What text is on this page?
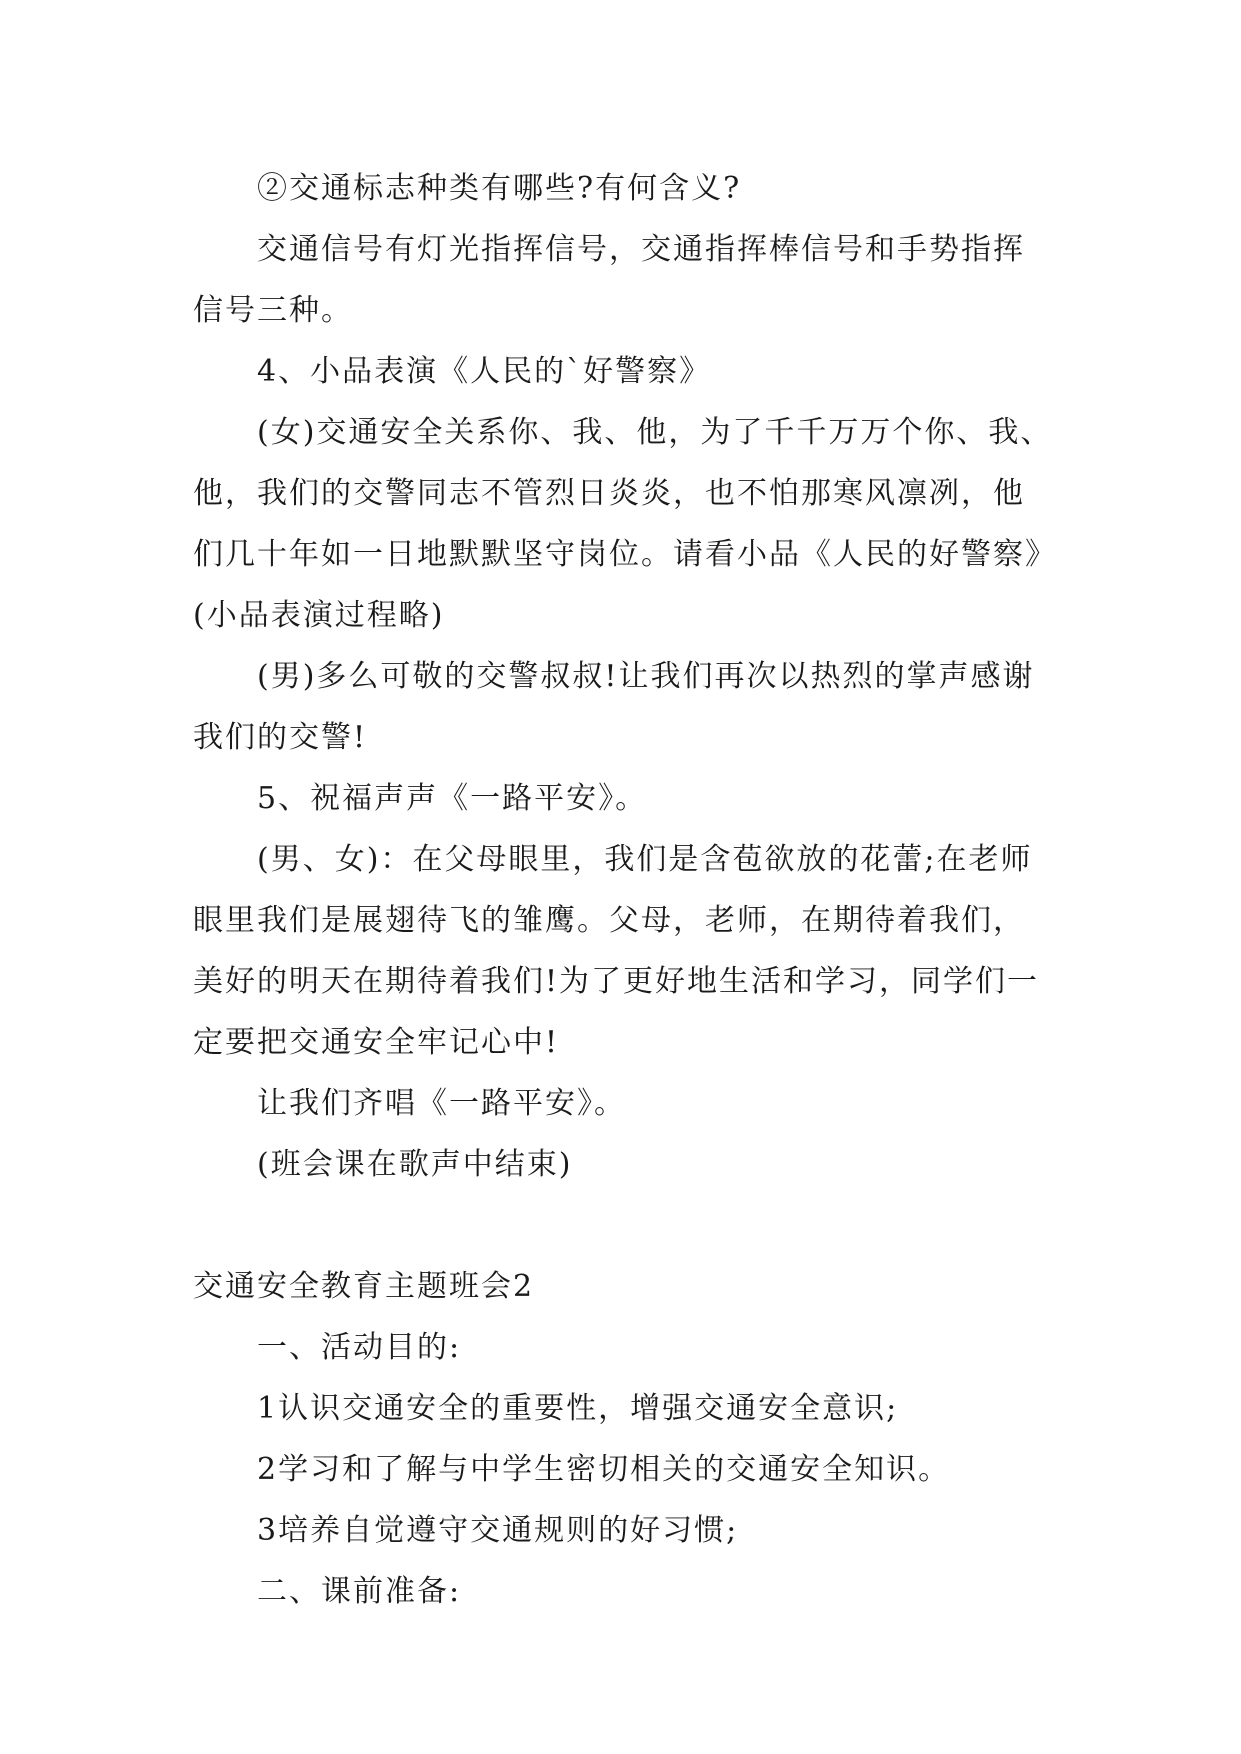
②交通标志种类有哪些?有何含义?

交通信号有灯光指挥信号，交通指挥棒信号和手势指挥信号三种。

4、小品表演《人民的`好警察》

(女)交通安全关系你、我、他，为了千千万万个你、我、他，我们的交警同志不管烈日炎炎，也不怕那寒风凛冽，他们几十年如一日地默默坚守岗位。请看小品《人民的好警察》

(小品表演过程略)

(男)多么可敬的交警叔叔!让我们再次以热烈的掌声感谢我们的交警!

5、祝福声声《一路平安》。

(男、女)：在父母眼里，我们是含苞欲放的花蕾;在老师眼里我们是展翅待飞的雏鹰。父母，老师，在期待着我们，美好的明天在期待着我们!为了更好地生活和学习，同学们一定要把交通安全牢记心中!

让我们齐唱《一路平安》。

(班会课在歌声中结束)

交通安全教育主题班会2

一、活动目的:

1认识交通安全的重要性，增强交通安全意识;

2学习和了解与中学生密切相关的交通安全知识。

3培养自觉遵守交通规则的好习惯;

二、课前准备:
